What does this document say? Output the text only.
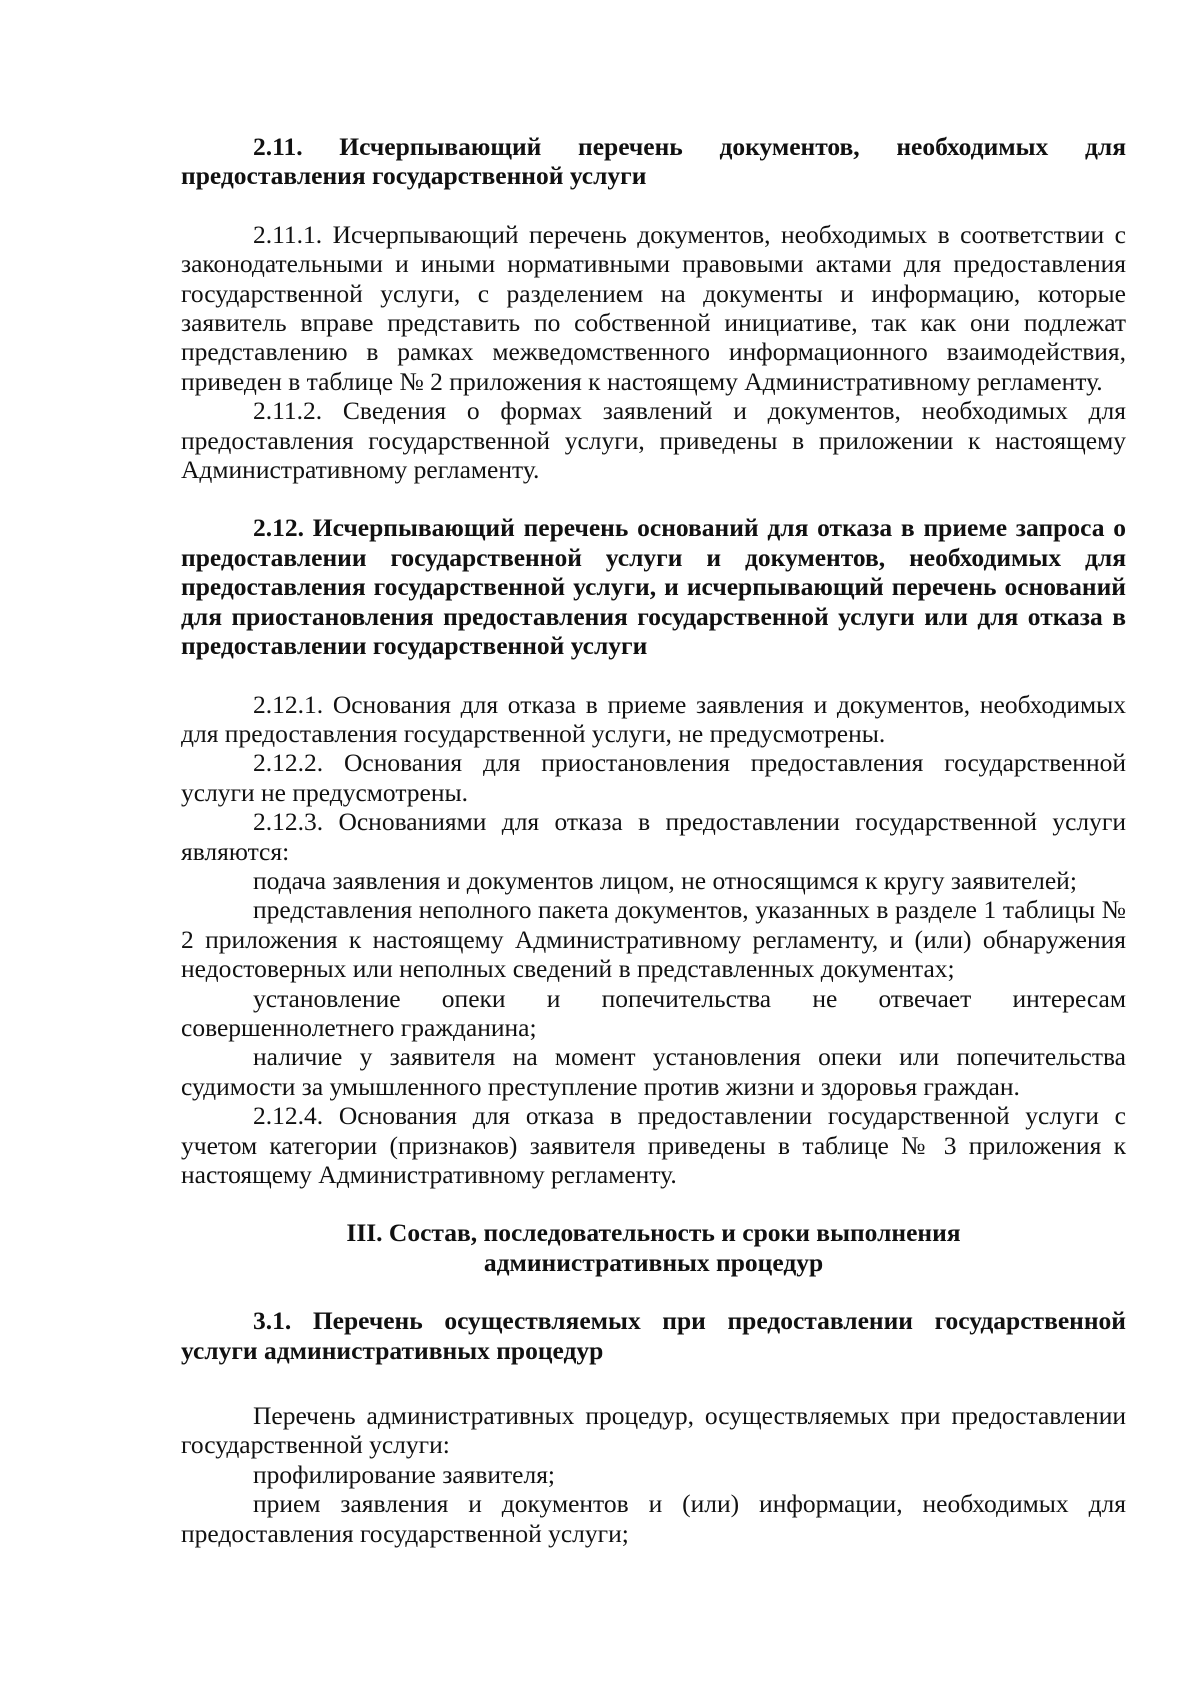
2.11. Исчерпывающий перечень документов, необходимых для предоставления государственной услуги

2.11.1. Исчерпывающий перечень документов, необходимых в соответствии с законодательными и иными нормативными правовыми актами для предоставления государственной услуги, с разделением на документы и информацию, которые заявитель вправе представить по собственной инициативе, так как они подлежат представлению в рамках межведомственного информационного взаимодействия, приведен в таблице № 2 приложения к настоящему Административному регламенту.

2.11.2. Сведения о формах заявлений и документов, необходимых для предоставления государственной услуги, приведены в приложении к настоящему Административному регламенту.

2.12. Исчерпывающий перечень оснований для отказа в приеме запроса о предоставлении государственной услуги и документов, необходимых для предоставления государственной услуги, и исчерпывающий перечень оснований для приостановления предоставления государственной услуги или для отказа в предоставлении государственной услуги

2.12.1. Основания для отказа в приеме заявления и документов, необходимых для предоставления государственной услуги, не предусмотрены.

2.12.2. Основания для приостановления предоставления государственной услуги не предусмотрены.

2.12.3. Основаниями для отказа в предоставлении государственной услуги являются:

подача заявления и документов лицом, не относящимся к кругу заявителей;

представления неполного пакета документов, указанных в разделе 1 таблицы № 2 приложения к настоящему Административному регламенту, и (или) обнаружения недостоверных или неполных сведений в представленных документах;

установление опеки и попечительства не отвечает интересам совершеннолетнего гражданина;

наличие у заявителя на момент установления опеки или попечительства судимости за умышленного преступление против жизни и здоровья граждан.

2.12.4. Основания для отказа в предоставлении государственной услуги с учетом категории (признаков) заявителя приведены в таблице № 3 приложения к настоящему Административному регламенту.

III. Состав, последовательность и сроки выполнения административных процедур

3.1. Перечень осуществляемых при предоставлении государственной услуги административных процедур

Перечень административных процедур, осуществляемых при предоставлении государственной услуги:

профилирование заявителя;

прием заявления и документов и (или) информации, необходимых для предоставления государственной услуги;
